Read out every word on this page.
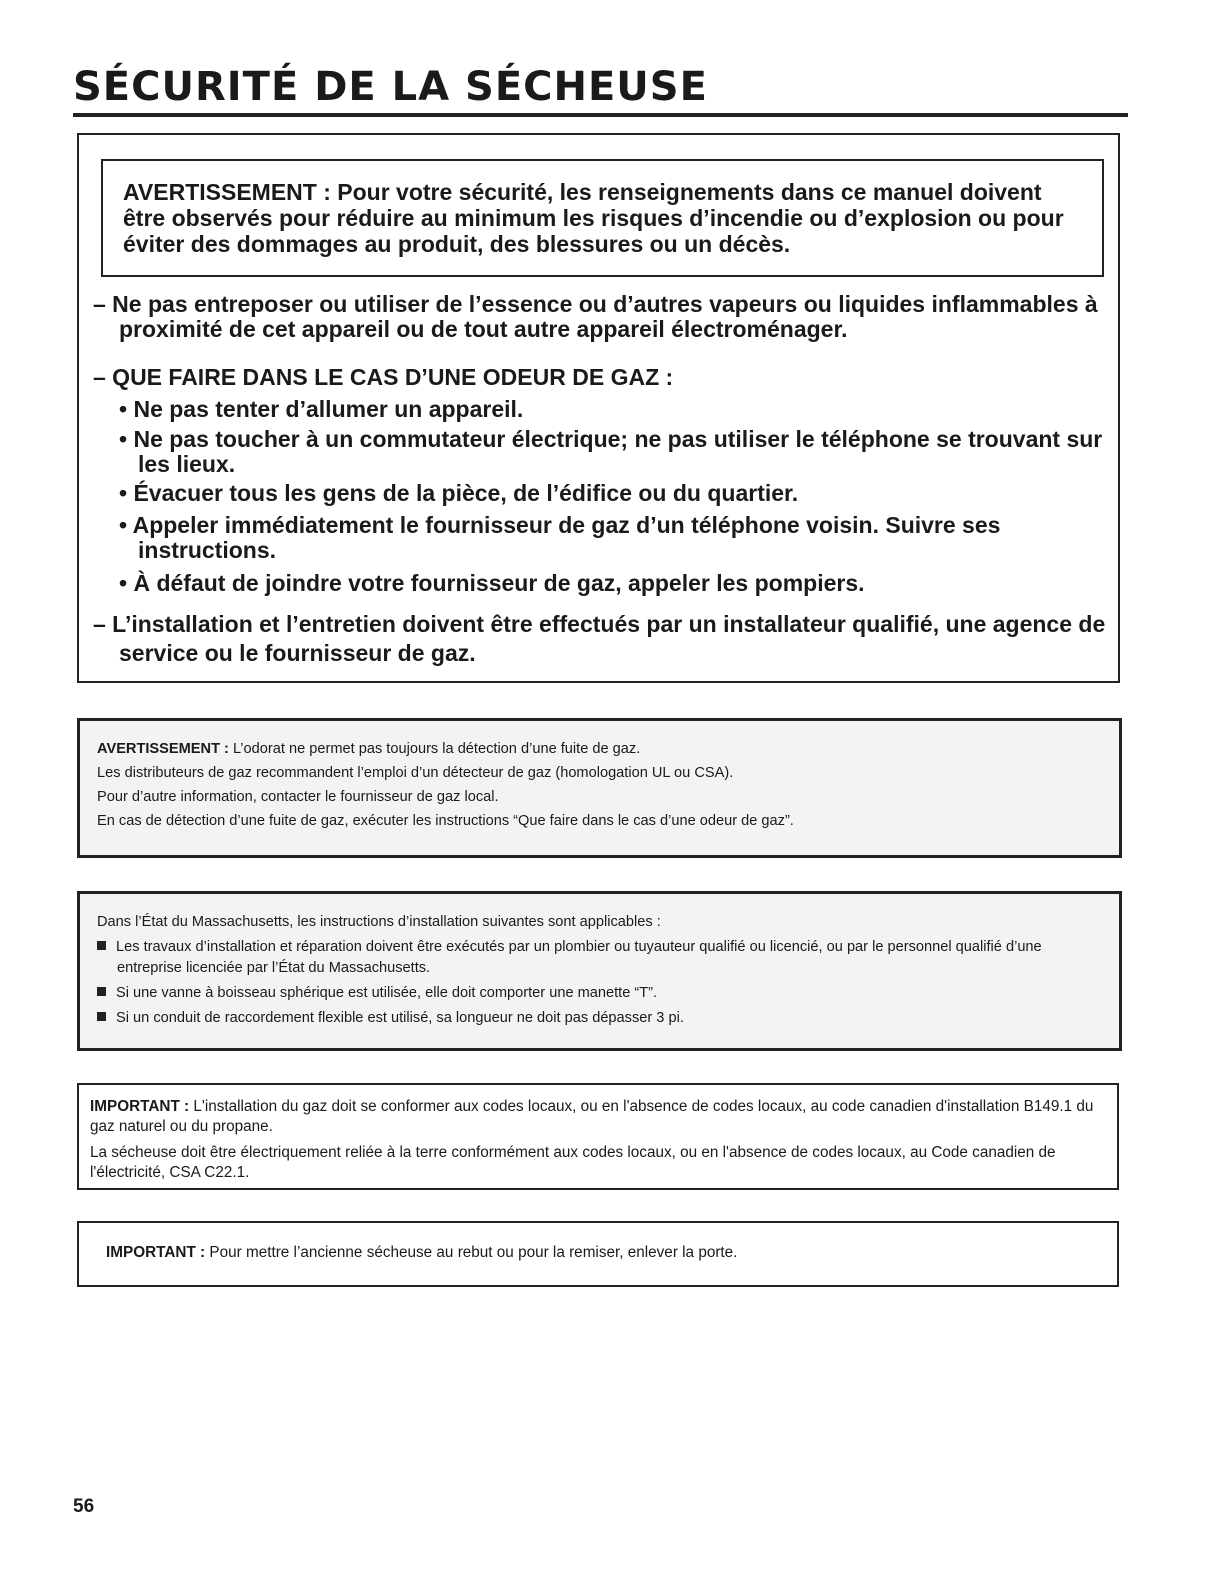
SÉCURITÉ DE LA SÉCHEUSE
AVERTISSEMENT : Pour votre sécurité, les renseignements dans ce manuel doivent être observés pour réduire au minimum les risques d’incendie ou d’explosion ou pour éviter des dommages au produit, des blessures ou un décès.
– Ne pas entreposer ou utiliser de l’essence ou d’autres vapeurs ou liquides inflammables à proximité de cet appareil ou de tout autre appareil électroménager.
– QUE FAIRE DANS LE CAS D’UNE ODEUR DE GAZ :
• Ne pas tenter d’allumer un appareil.
• Ne pas toucher à un commutateur électrique; ne pas utiliser le téléphone se trouvant sur les lieux.
• Évacuer tous les gens de la pièce, de l’édifice ou du quartier.
• Appeler immédiatement le fournisseur de gaz d’un téléphone voisin. Suivre ses instructions.
• À défaut de joindre votre fournisseur de gaz, appeler les pompiers.
– L’installation et l’entretien doivent être effectués par un installateur qualifié, une agence de service ou le fournisseur de gaz.

AVERTISSEMENT : L’odorat ne permet pas toujours la détection d’une fuite de gaz.

Les distributeurs de gaz recommandent l’emploi d’un détecteur de gaz (homologation UL ou CSA).

Pour d’autre information, contacter le fournisseur de gaz local.

En cas de détection d’une fuite de gaz, exécuter les instructions “Que faire dans le cas d’une odeur de gaz”.

Dans l’État du Massachusetts, les instructions d’installation suivantes sont applicables :

Les travaux d’installation et réparation doivent être exécutés par un plombier ou tuyauteur qualifié ou licencié, ou par le personnel qualifié d’une entreprise licenciée par l’État du Massachusetts.

Si une vanne à boisseau sphérique est utilisée, elle doit comporter une manette “T”.

Si un conduit de raccordement flexible est utilisé, sa longueur ne doit pas dépasser 3 pi.

IMPORTANT : L'installation du gaz doit se conformer aux codes locaux, ou en l'absence de codes locaux, au code canadien d'installation B149.1 du gaz naturel ou du propane.

La sécheuse doit être électriquement reliée à la terre conformément aux codes locaux, ou en l'absence de codes locaux, au Code canadien de l'électricité, CSA C22.1.

IMPORTANT : Pour mettre l’ancienne sécheuse au rebut ou pour la remiser, enlever la porte.
56
